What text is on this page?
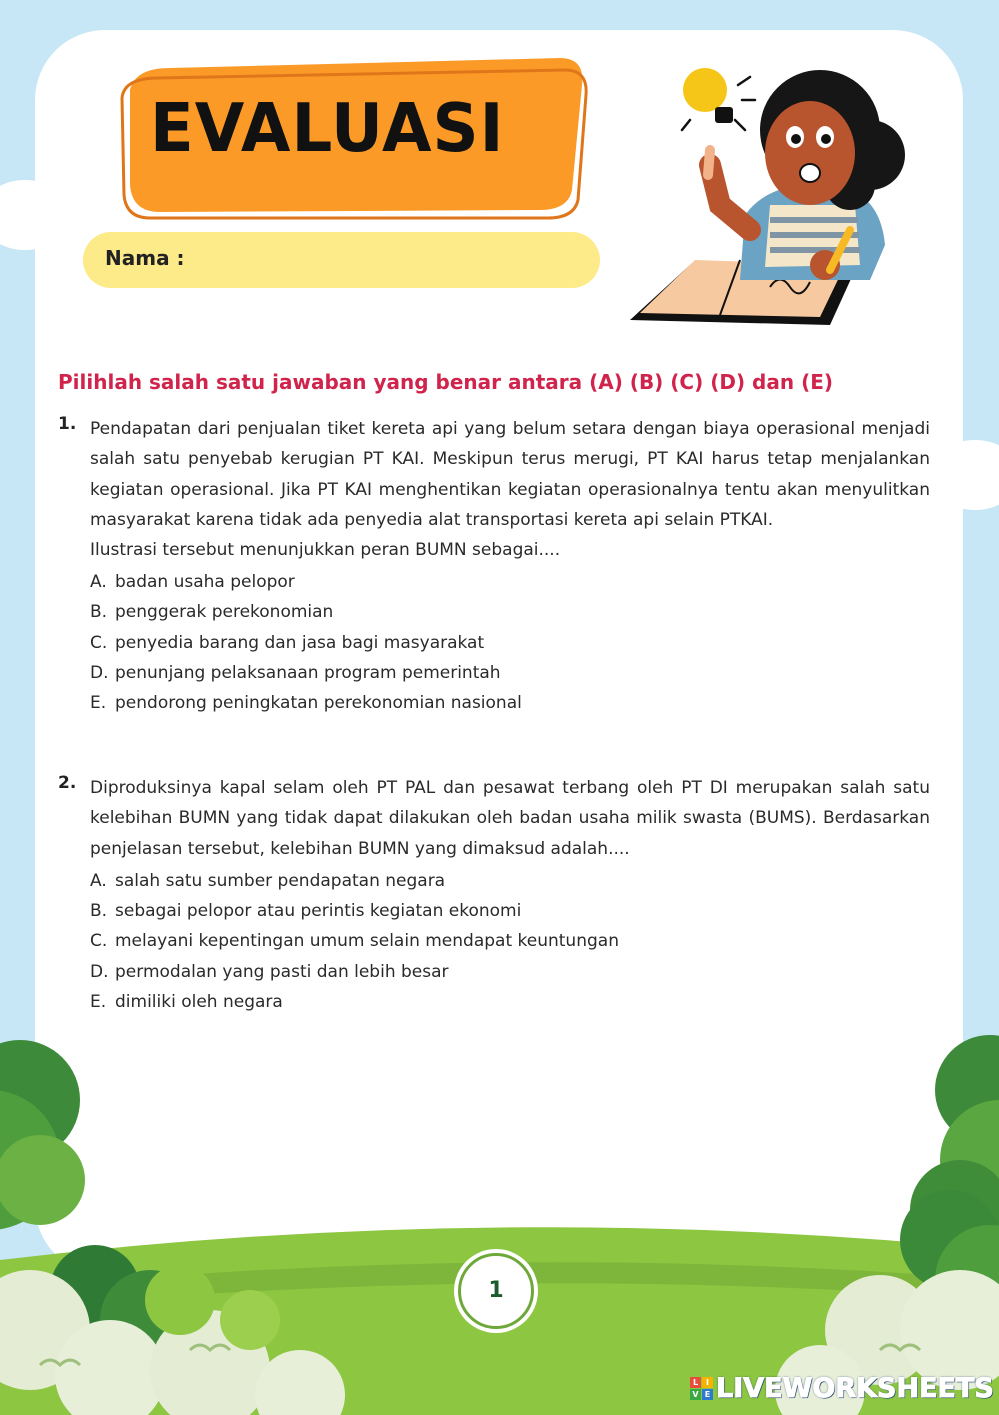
EVALUASI
Nama :
Pilihlah salah satu jawaban yang benar antara (A) (B) (C) (D) dan (E)
1. Pendapatan dari penjualan tiket kereta api yang belum setara dengan biaya operasional menjadi salah satu penyebab kerugian PT KAI. Meskipun terus merugi, PT KAI harus tetap menjalankan kegiatan operasional. Jika PT KAI menghentikan kegiatan operasionalnya tentu akan menyulitkan masyarakat karena tidak ada penyedia alat transportasi kereta api selain PTKAI.
Ilustrasi tersebut menunjukkan peran BUMN sebagai....
A. badan usaha pelopor
B. penggerak perekonomian
C. penyedia barang dan jasa bagi masyarakat
D. penunjang pelaksanaan program pemerintah
E. pendorong peningkatan perekonomian nasional
2. Diproduksinya kapal selam oleh PT PAL dan pesawat terbang oleh PT DI merupakan salah satu kelebihan BUMN yang tidak dapat dilakukan oleh badan usaha milik swasta (BUMS). Berdasarkan penjelasan tersebut, kelebihan BUMN yang dimaksud adalah....
A. salah satu sumber pendapatan negara
B. sebagai pelopor atau perintis kegiatan ekonomi
C. melayani kepentingan umum selain mendapat keuntungan
D. permodalan yang pasti dan lebih besar
E. dimiliki oleh negara
1
L I
V E LIVEWORKSHEETS
